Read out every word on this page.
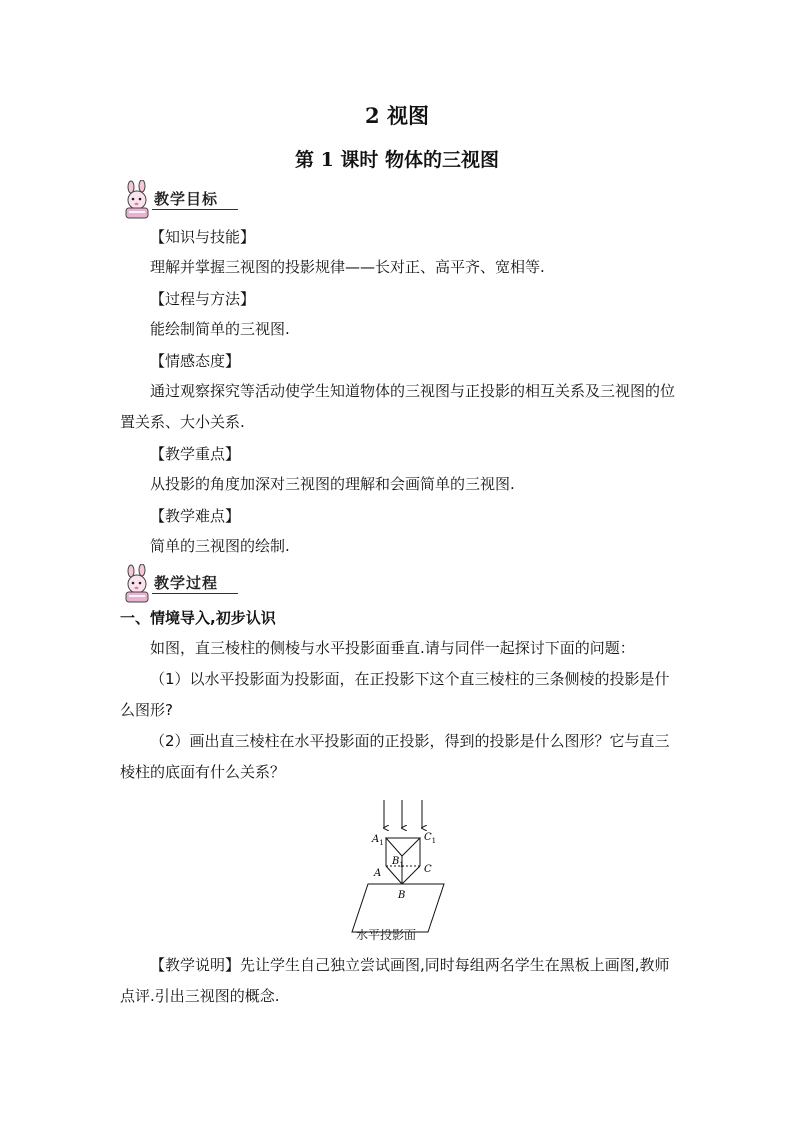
2 视图
第 1 课时 物体的三视图
教学目标
【知识与技能】

理解并掌握三视图的投影规律——长对正、高平齐、宽相等.

【过程与方法】

能绘制简单的三视图.

【情感态度】

通过观察探究等活动使学生知道物体的三视图与正投影的相互关系及三视图的位置关系、大小关系.

【教学重点】

从投影的角度加深对三视图的理解和会画简单的三视图.

【教学难点】

简单的三视图的绘制.

教学过程
一、情境导入,初步认识

如图，直三棱柱的侧棱与水平投影面垂直.请与同伴一起探讨下面的问题：

（1）以水平投影面为投影面，在正投影下这个直三棱柱的三条侧棱的投影是什么图形?

（2）画出直三棱柱在水平投影面的正投影，得到的投影是什么图形？它与直三棱柱的底面有什么关系？

$A_1$	$C_1$
$B_1$
A	C
B
水平投影面

【教学说明】先让学生自己独立尝试画图,同时每组两名学生在黑板上画图,教师点评.引出三视图的概念.
